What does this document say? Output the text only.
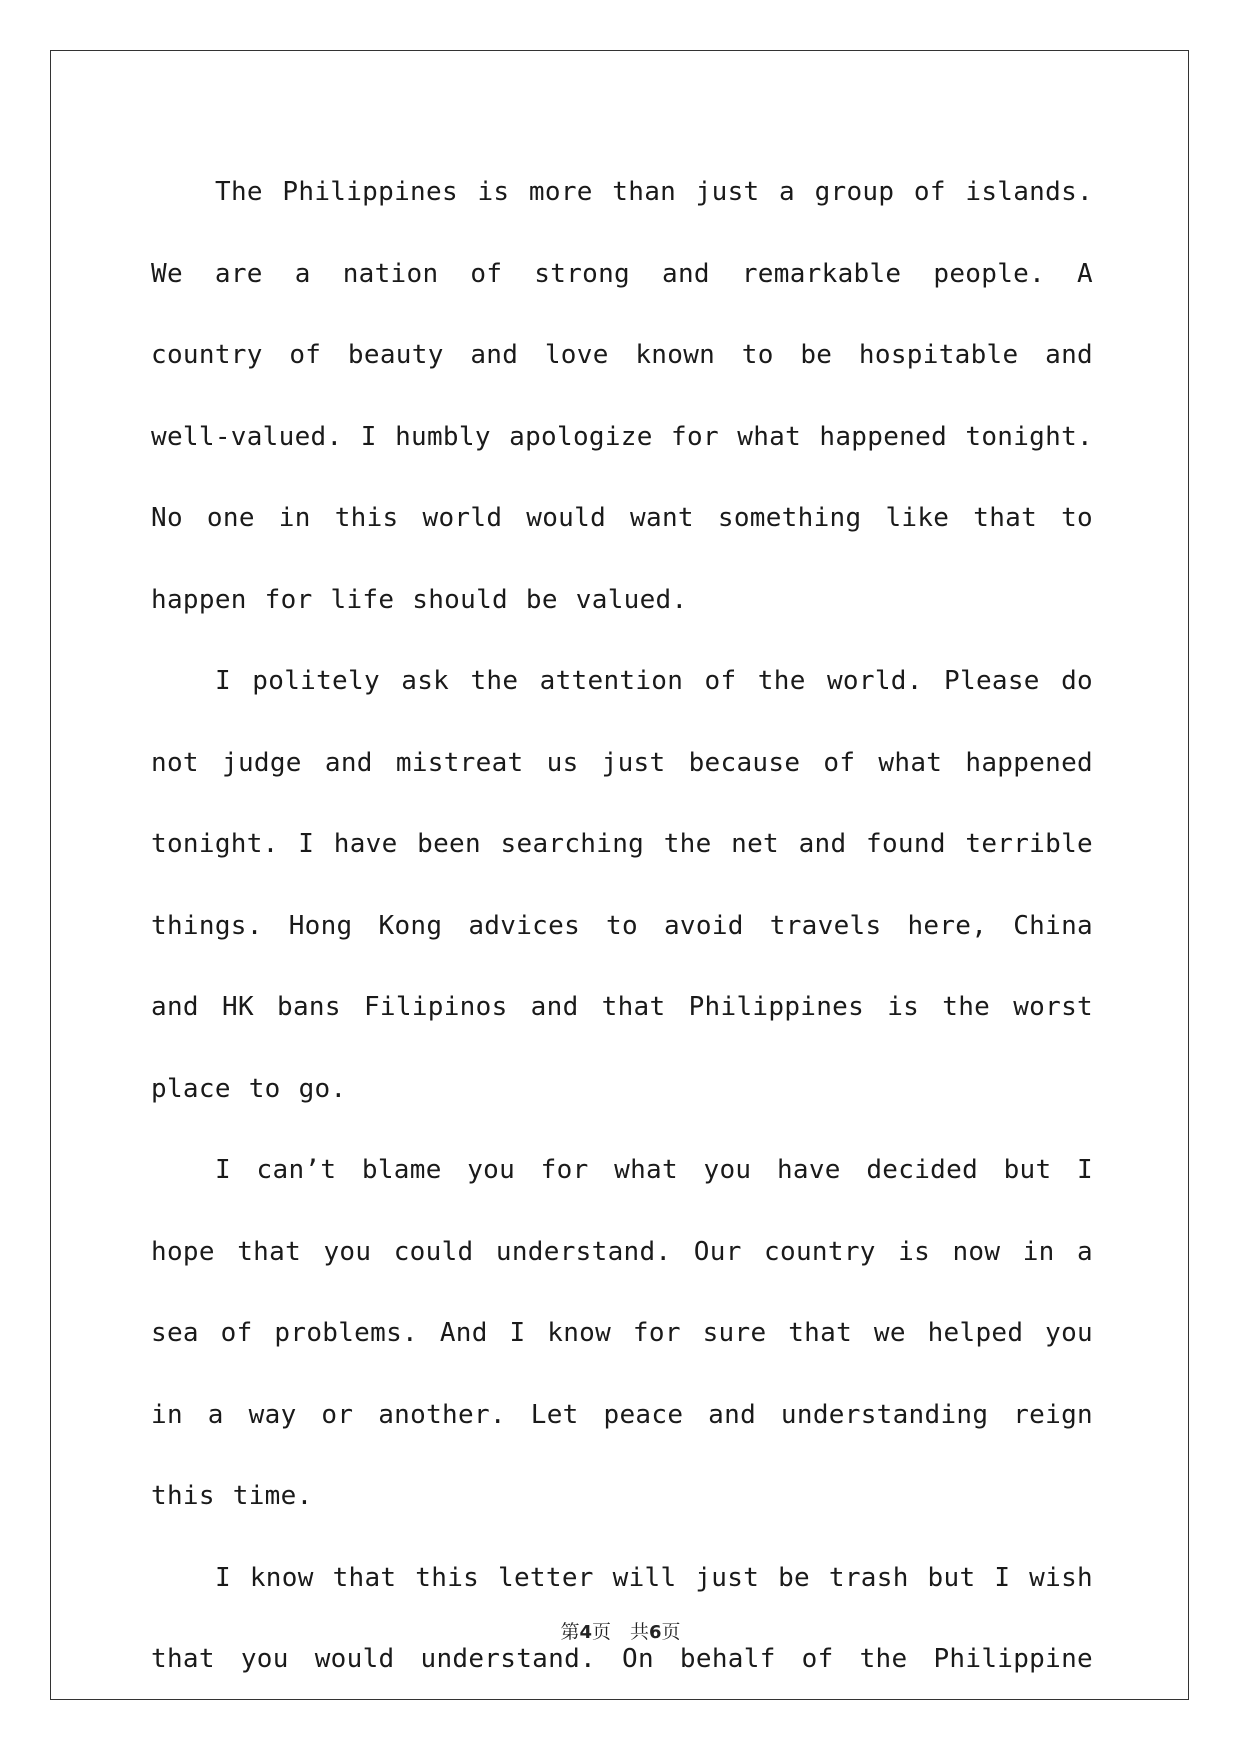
The Philippines is more than just a group of islands. We are a nation of strong and remarkable people. A country of beauty and love known to be hospitable and well-valued. I humbly apologize for what happened tonight. No one in this world would want something like that to happen for life should be valued.

I politely ask the attention of the world. Please do not judge and mistreat us just because of what happened tonight. I have been searching the net and found terrible things. Hong Kong advices to avoid travels here, China and HK bans Filipinos and that Philippines is the worst place to go.

I can’t blame you for what you have decided but I hope that you could understand. Our country is now in a sea of problems. And I know for sure that we helped you in a way or another. Let peace and understanding reign this time.

I know that this letter will just be trash but I wish that you would understand. On behalf of the Philippine

第4页　共6页
